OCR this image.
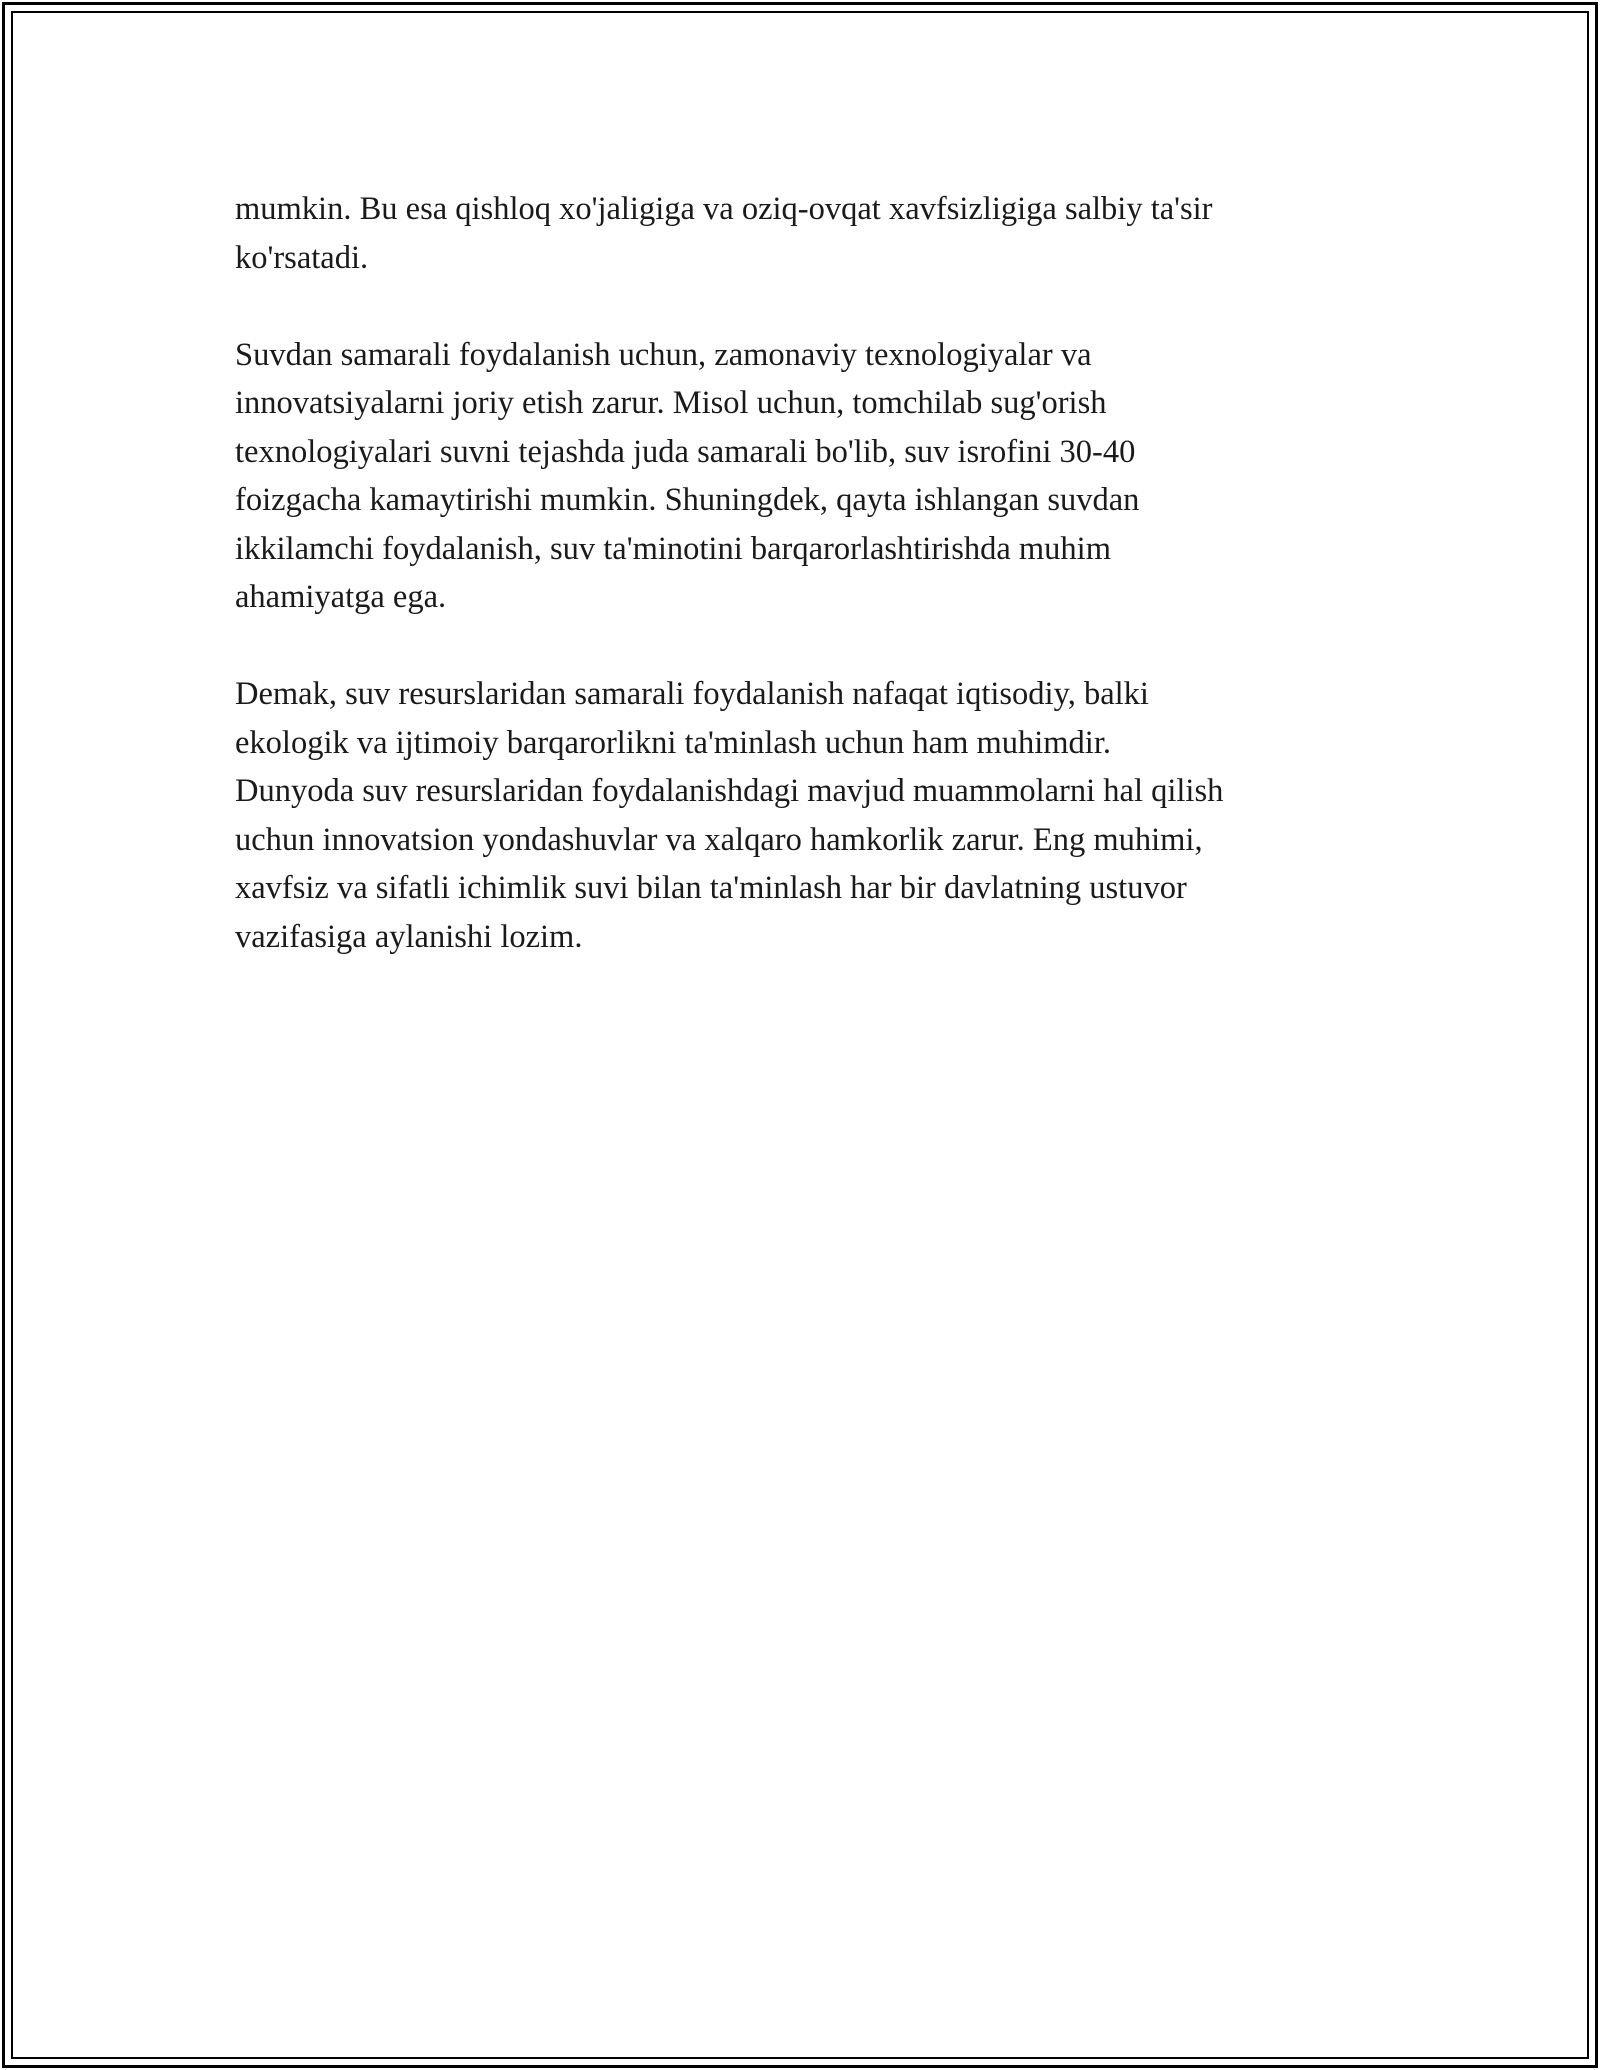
mumkin. Bu esa qishloq xo'jaligiga va oziq-ovqat xavfsizligiga salbiy ta'sir
ko'rsatadi.

Suvdan samarali foydalanish uchun, zamonaviy texnologiyalar va
innovatsiyalarni joriy etish zarur. Misol uchun, tomchilab sug'orish
texnologiyalari suvni tejashda juda samarali bo'lib, suv isrofini 30-40
foizgacha kamaytirishi mumkin. Shuningdek, qayta ishlangan suvdan
ikkilamchi foydalanish, suv ta'minotini barqarorlashtirishda muhim
ahamiyatga ega.

Demak, suv resurslaridan samarali foydalanish nafaqat iqtisodiy, balki
ekologik va ijtimoiy barqarorlikni ta'minlash uchun ham muhimdir.
Dunyoda suv resurslaridan foydalanishdagi mavjud muammolarni hal qilish
uchun innovatsion yondashuvlar va xalqaro hamkorlik zarur. Eng muhimi,
xavfsiz va sifatli ichimlik suvi bilan ta'minlash har bir davlatning ustuvor
vazifasiga aylanishi lozim.
